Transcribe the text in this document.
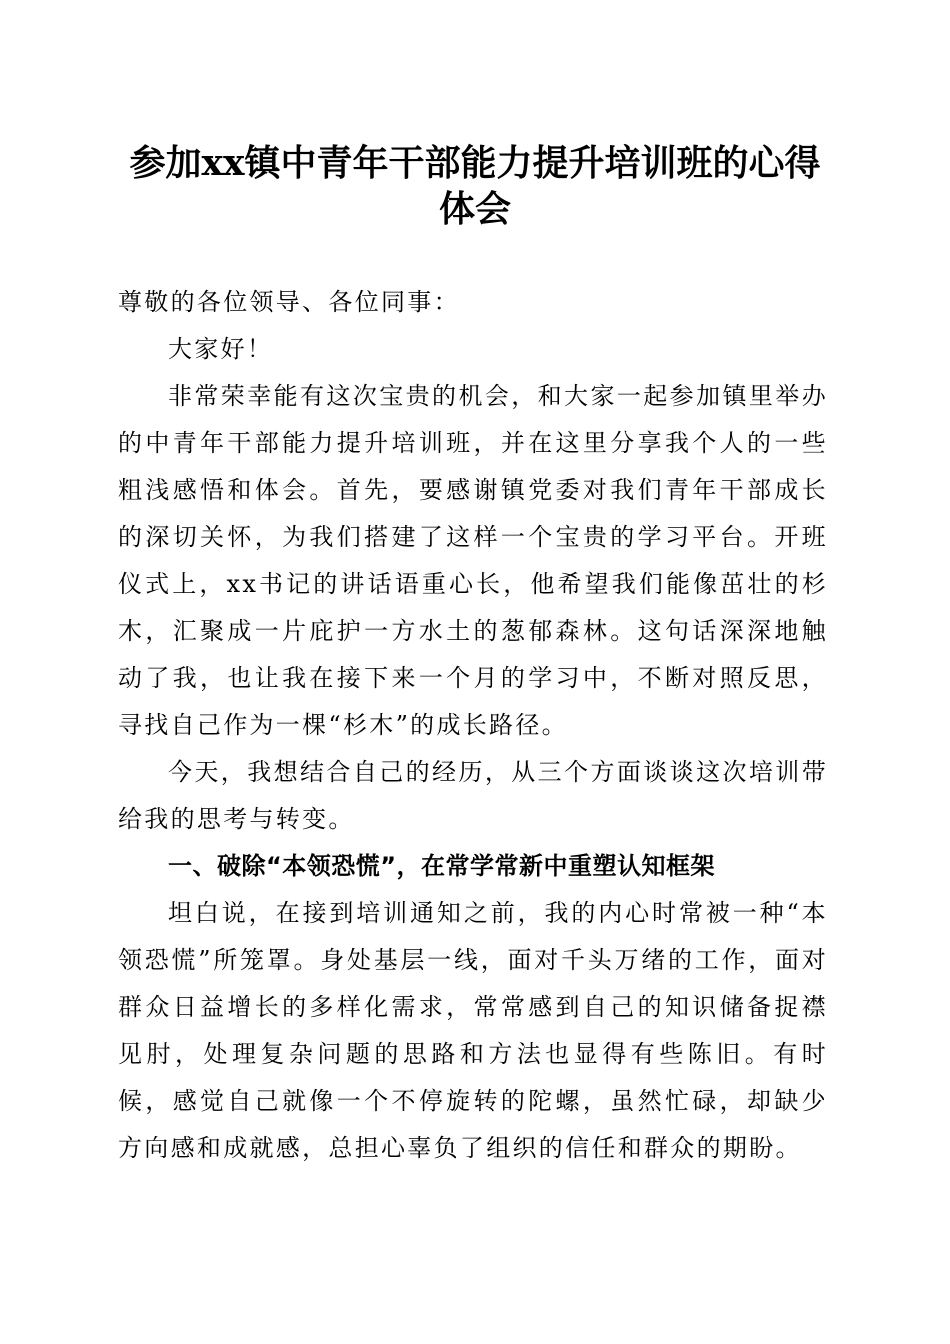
参加xx镇中青年干部能力提升培训班的心得
体会

尊敬的各位领导、各位同事：

大家好！

非常荣幸能有这次宝贵的机会，和大家一起参加镇里举办的中青年干部能力提升培训班，并在这里分享我个人的一些粗浅感悟和体会。首先，要感谢镇党委对我们青年干部成长的深切关怀，为我们搭建了这样一个宝贵的学习平台。开班仪式上，xx书记的讲话语重心长，他希望我们能像茁壮的杉木，汇聚成一片庇护一方水土的葱郁森林。这句话深深地触动了我，也让我在接下来一个月的学习中，不断对照反思，寻找自己作为一棵“杉木”的成长路径。

今天，我想结合自己的经历，从三个方面谈谈这次培训带给我的思考与转变。

一、破除“本领恐慌”，在常学常新中重塑认知框架

坦白说，在接到培训通知之前，我的内心时常被一种“本领恐慌”所笼罩。身处基层一线，面对千头万绪的工作，面对群众日益增长的多样化需求，常常感到自己的知识储备捉襟见肘，处理复杂问题的思路和方法也显得有些陈旧。有时候，感觉自己就像一个不停旋转的陀螺，虽然忙碌，却缺少方向感和成就感，总担心辜负了组织的信任和群众的期盼。
